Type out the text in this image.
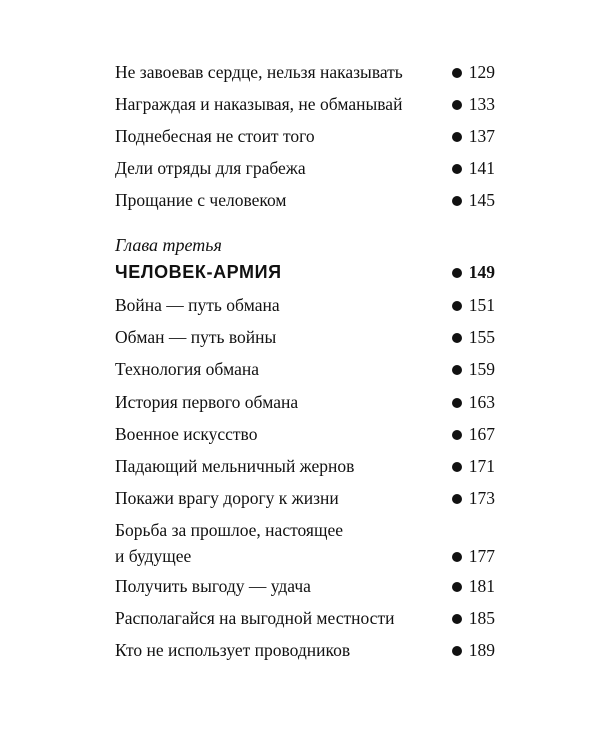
Не завоевав сердце, нельзя наказывать	129
Награждая и наказывая, не обманывай	133
Поднебесная не стоит того	137
Дели отряды для грабежа	141
Прощание с человеком	145
Глава третья
ЧЕЛОВЕК-АРМИЯ	149
Война — путь обмана	151
Обман — путь войны	155
Технология обмана	159
История первого обмана	163
Военное искусство	167
Падающий мельничный жернов	171
Покажи врагу дорогу к жизни	173
Борьба за прошлое, настоящее
и будущее	177
Получить выгоду — удача	181
Располагайся на выгодной местности	185
Кто не использует проводников	189
